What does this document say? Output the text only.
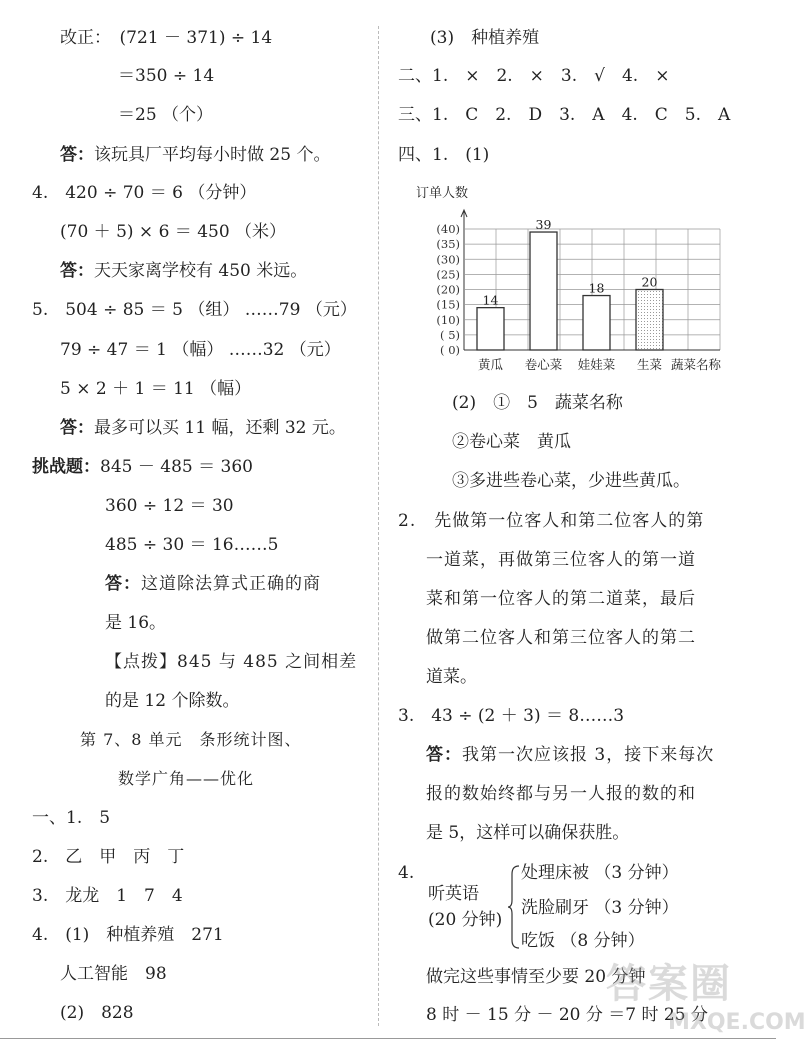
改正：　(721 － 371) ÷ 14
＝350 ÷ 14
＝25 （个）
答：该玩具厂平均每小时做 25 个。
4.　420 ÷ 70 ＝ 6 （分钟）
(70 ＋ 5) × 6 ＝ 450 （米）
答：天天家离学校有 450 米远。
5.　504 ÷ 85 ＝ 5 （组） ……79 （元）
79 ÷ 47 ＝ 1 （幅） ……32 （元）
5 × 2 ＋ 1 ＝ 11 （幅）
答：最多可以买 11 幅，还剩 32 元。
挑战题：845 － 485 ＝ 360
360 ÷ 12 ＝ 30
485 ÷ 30 ＝ 16……5
答：这道除法算式正确的商
是 16。
【点拨】845 与 485 之间相差
的是 12 个除数。
第 7、8 单元　条形统计图、
数学广角——优化
一、1.　5
2.　乙　甲　丙　丁
3.　龙龙　1　7　4
4.　(1)　种植养殖　271
人工智能　98
(2)　828
(3)　种植养殖
二、1.　×　2.　×　3.　√　4.　×
三、1.　C　2.　D　3.　A　4.　C　5.　A
四、1.　(1)
订单人数
( 0)
( 5)
(10)
(15)
(20)
(25)
(30)
(35)
(40)
14
黄瓜
39
卷心菜
18
娃娃菜
20
生菜 蔬菜名称
(2)　①　5　蔬菜名称
②卷心菜　黄瓜
③多进些卷心菜，少进些黄瓜。
2.　先做第一位客人和第二位客人的第
一道菜，再做第三位客人的第一道
菜和第一位客人的第二道菜，最后
做第二位客人和第三位客人的第二
道菜。
3.　43 ÷ (2 ＋ 3) ＝ 8……3
答：我第一次应该报 3，接下来每次
报的数始终都与另一人报的数的和
是 5，这样可以确保获胜。
4.
听英语
(20 分钟)
处理床被 （3 分钟）
洗脸刷牙 （3 分钟）
吃饭 （8 分钟）
做完这些事情至少要 20 分钟
8 时 － 15 分 － 20 分 ＝7 时 25 分
答案圈
MXQE.COM
